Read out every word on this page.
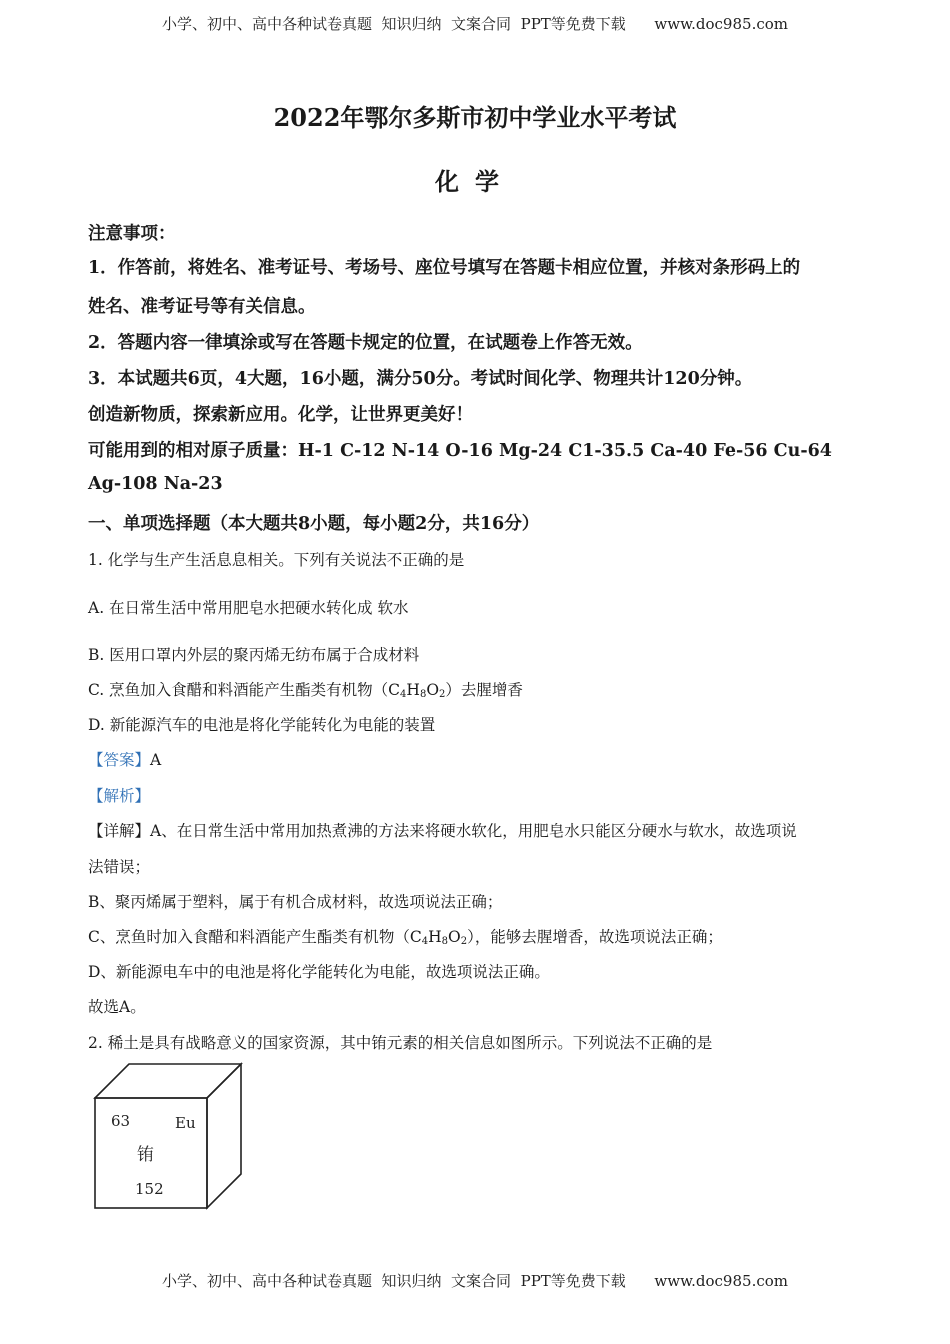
小学、初中、高中各种试卷真题  知识归纳  文案合同  PPT等免费下载      www.doc985.com
2022年鄂尔多斯市初中学业水平考试
化学
注意事项：
1．作答前，将姓名、准考证号、考场号、座位号填写在答题卡相应位置，并核对条形码上的
姓名、准考证号等有关信息。
2．答题内容一律填涂或写在答题卡规定的位置，在试题卷上作答无效。
3．本试题共6页，4大题，16小题，满分50分。考试时间化学、物理共计120分钟。
创造新物质，探索新应用。化学，让世界更美好！
可能用到的相对原子质量：H-1 C-12 N-14 O-16 Mg-24 C1-35.5 Ca-40 Fe-56 Cu-64
Ag-108 Na-23
一、单项选择题（本大题共8小题，每小题2分，共16分）
1. 化学与生产生活息息相关。下列有关说法不正确的是
A. 在日常生活中常用肥皂水把硬水转化成 软水
B. 医用口罩内外层的聚丙烯无纺布属于合成材料
C. 烹鱼加入食醋和料酒能产生酯类有机物$(C_4H_8O_2)$去腥增香
D. 新能源汽车的电池是将化学能转化为电能的装置
【答案】A
【解析】
【详解】A、在日常生活中常用加热煮沸的方法来将硬水软化，用肥皂水只能区分硬水与软水，故选项说
法错误；
B、聚丙烯属于塑料，属于有机合成材料，故选项说法正确；
C、烹鱼时加入食醋和料酒能产生酯类有机物$(C_4H_8O_2)$，能够去腥增香，故选项说法正确；
D、新能源电车中的电池是将化学能转化为电能，故选项说法正确。
故选A。
2. 稀土是具有战略意义的国家资源，其中铕元素的相关信息如图所示。下列说法不正确的是
63	Eu
铕
152
小学、初中、高中各种试卷真题  知识归纳  文案合同  PPT等免费下载      www.doc985.com
